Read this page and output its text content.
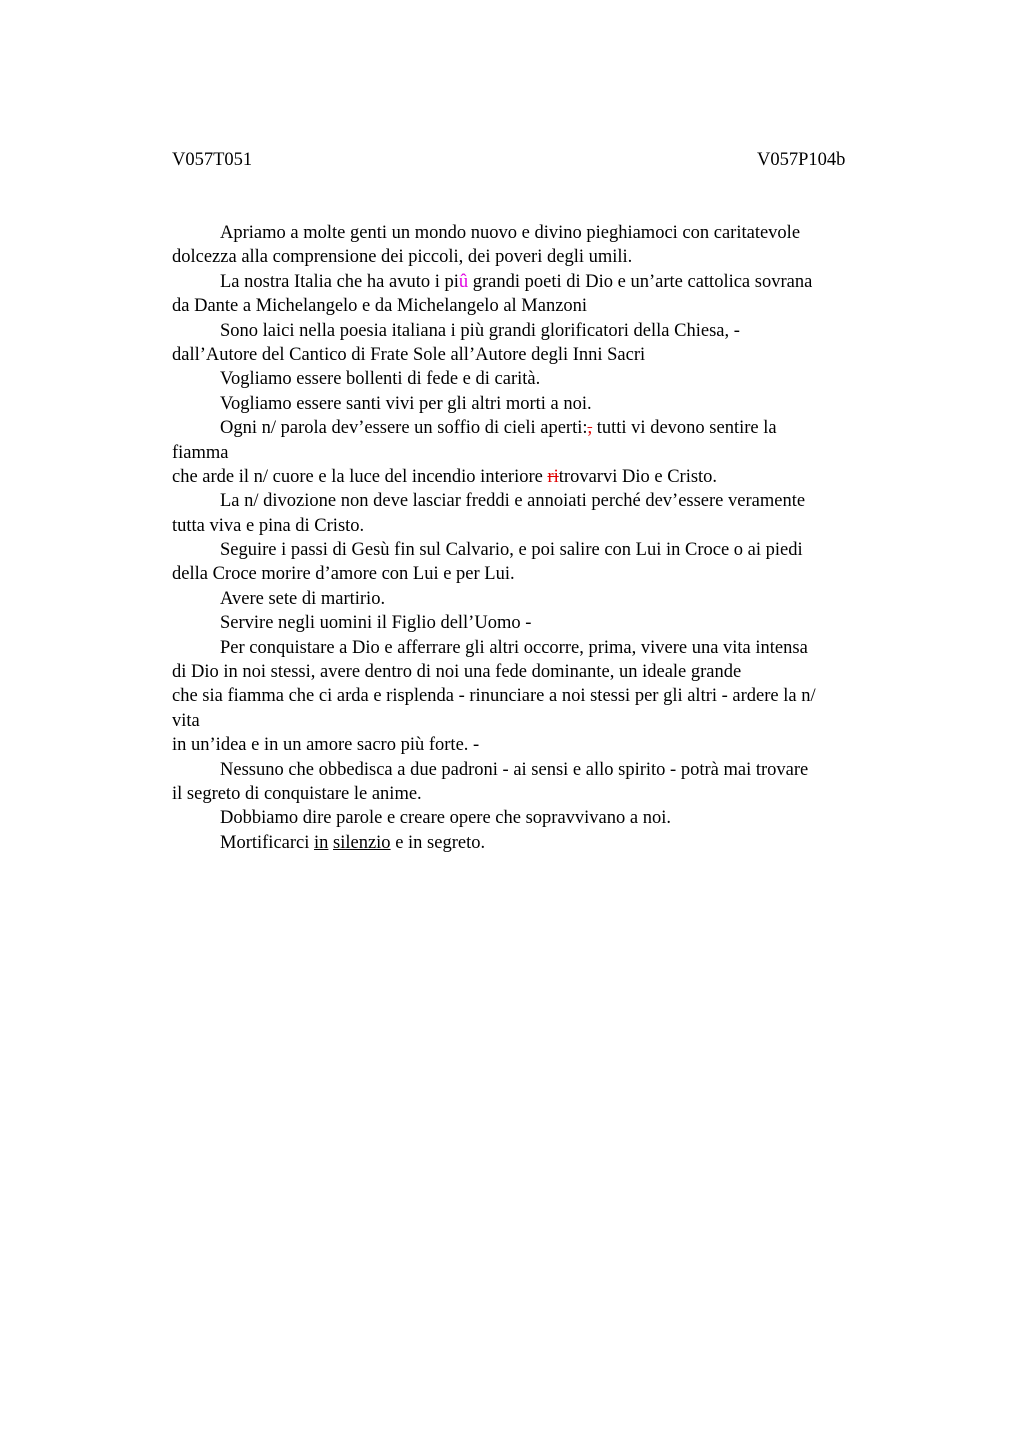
V057T051	V057P104b
Apriamo a molte genti un mondo nuovo e divino pieghiamoci con caritatevole
dolcezza alla comprensione dei piccoli, dei poveri degli umili.
La nostra Italia che ha avuto i piû grandi poeti di Dio e un’arte cattolica sovrana
da Dante a Michelangelo e da Michelangelo al Manzoni
Sono laici nella poesia italiana i più grandi glorificatori della Chiesa, -
dall’Autore del Cantico di Frate Sole all’Autore degli Inni Sacri
Vogliamo essere bollenti di fede e di carità.
Vogliamo essere santi vivi per gli altri morti a noi.
Ogni n/ parola dev’essere un soffio di cieli aperti:, tutti vi devono sentire la
fiamma
che arde il n/ cuore e la luce del incendio interiore ritrovarvi Dio e Cristo.
La n/ divozione non deve lasciar freddi e annoiati perché dev’essere veramente
tutta viva e pina di Cristo.
Seguire i passi di Gesù fin sul Calvario, e poi salire con Lui in Croce o ai piedi
della Croce morire d’amore con Lui e per Lui.
Avere sete di martirio.
Servire negli uomini il Figlio dell’Uomo -
Per conquistare a Dio e afferrare gli altri occorre, prima, vivere una vita intensa
di Dio in noi stessi, avere dentro di noi una fede dominante, un ideale grande
che sia fiamma che ci arda e risplenda - rinunciare a noi stessi per gli altri - ardere la n/
vita
in un’idea e in un amore sacro più forte. -
Nessuno che obbedisca a due padroni - ai sensi e allo spirito - potrà mai trovare
il segreto di conquistare le anime.
Dobbiamo dire parole e creare opere che sopravvivano a noi.
Mortificarci in silenzio e in segreto.
